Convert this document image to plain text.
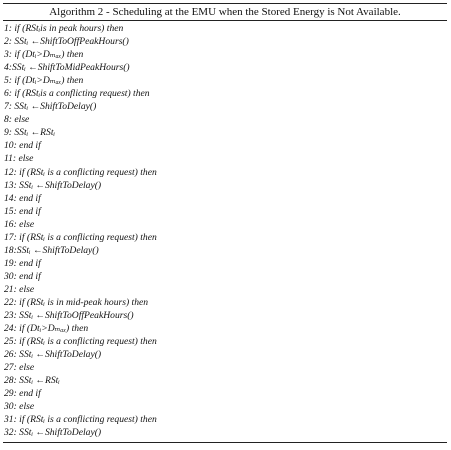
Algorithm 2 - Scheduling at the EMU when the Stored Energy is Not Available.
1: if (RStᵢis in peak hours) then
2: SStᵢ ←ShiftToOffPeakHours()
3: if (Dtᵢ>Dₘₐₓ) then
4:SStᵢ ←ShiftToMidPeakHours()
5: if (Dtᵢ>Dₘₐₓ) then
6: if (RStᵢis a conflicting request) then
7: SStᵢ ←ShiftToDelay()
8: else
9: SStᵢ ←RStᵢ
10: end if
11: else
12: if (RStᵢ is a conflicting request) then
13: SStᵢ ←ShiftToDelay()
14: end if
15: end if
16: else
17: if (RStᵢ is a conflicting request) then
18:SStᵢ ←ShiftToDelay()
19: end if
30: end if
21: else
22: if (RStᵢ is in mid-peak hours) then
23: SStᵢ ←ShiftToOffPeakHours()
24: if (Dtᵢ>Dₘₐₓ) then
25: if (RStᵢ is a conflicting request) then
26: SStᵢ ←ShiftToDelay()
27: else
28: SStᵢ ←RStᵢ
29: end if
30: else
31: if (RStᵢ is a conflicting request) then
32: SStᵢ ←ShiftToDelay()
